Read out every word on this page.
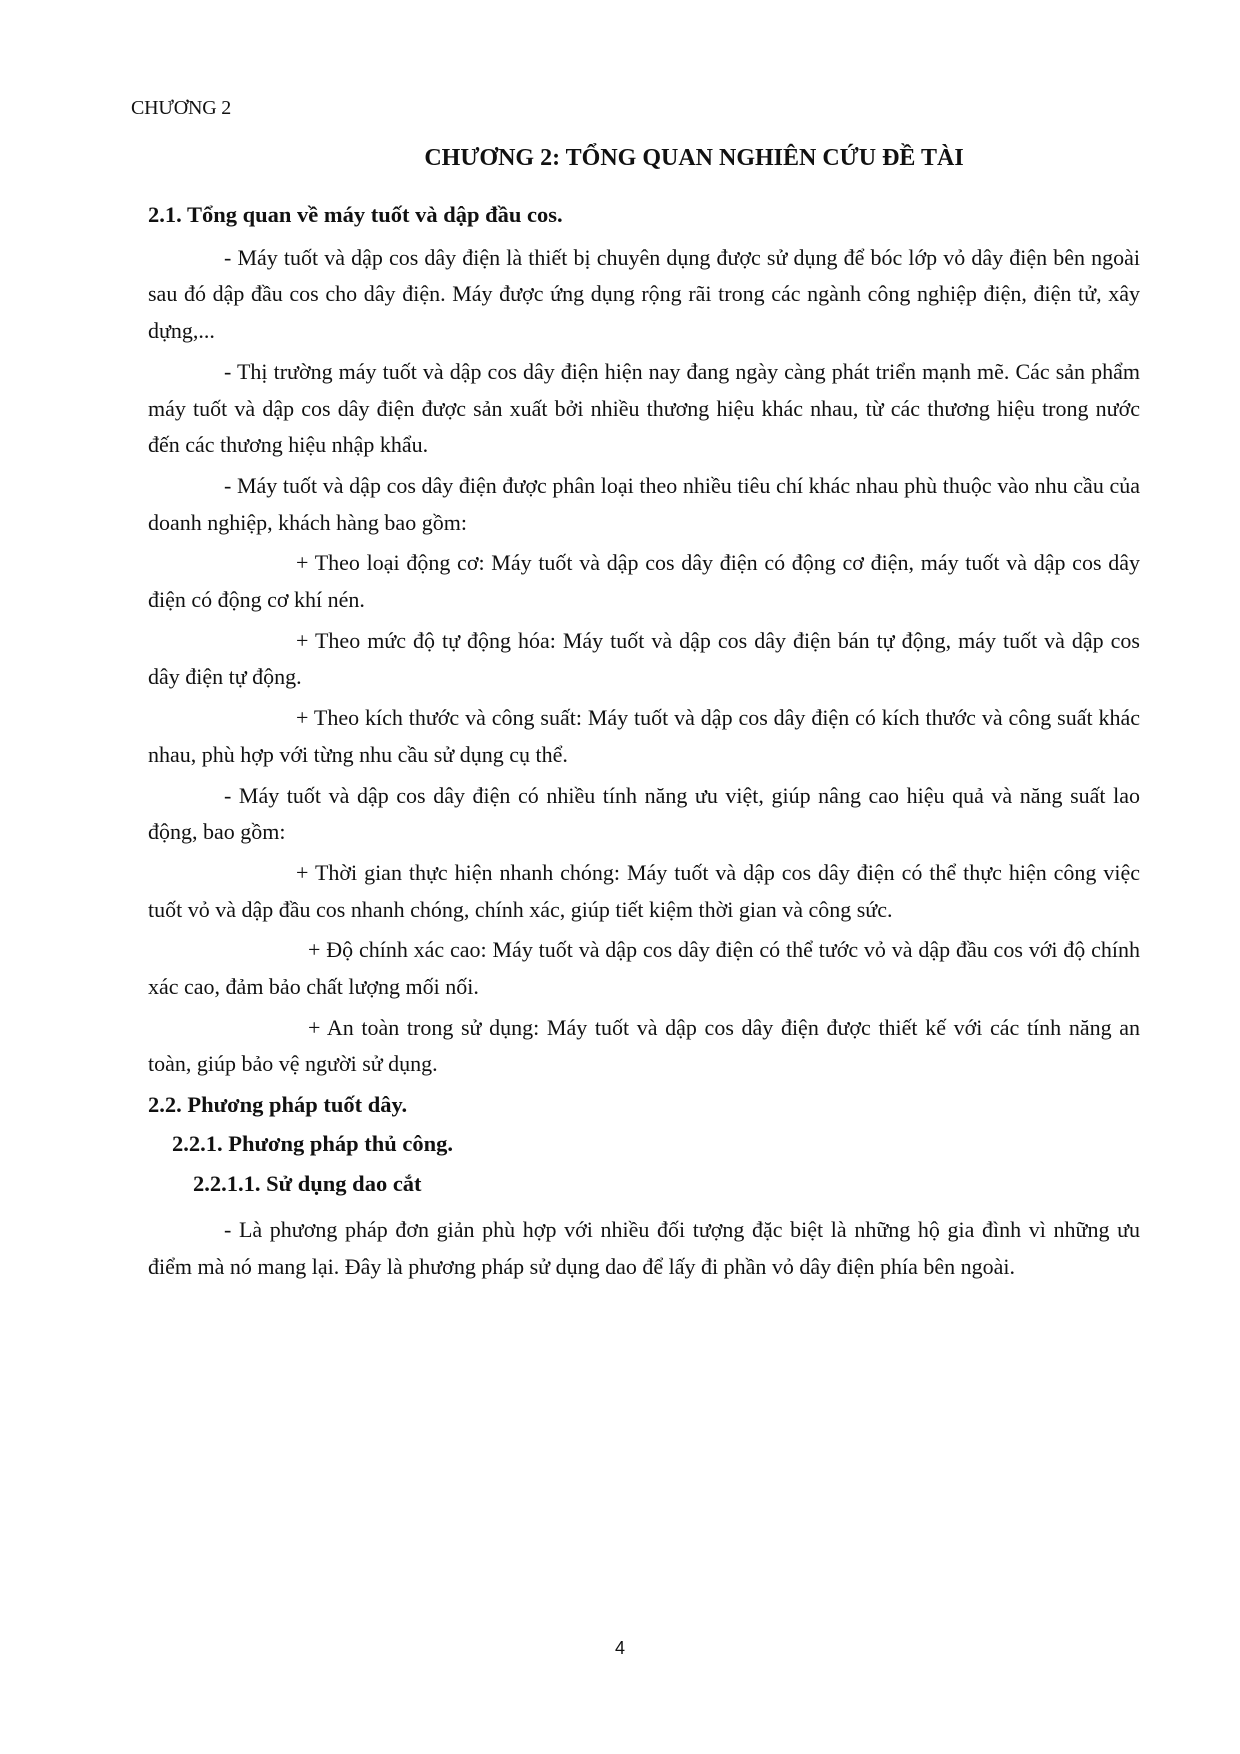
CHƯƠNG 2
CHƯƠNG 2: TỔNG QUAN NGHIÊN CỨU ĐỀ TÀI
2.1. Tổng quan về máy tuốt và dập đầu cos.

- Máy tuốt và dập cos dây điện là thiết bị chuyên dụng được sử dụng để bóc lớp vỏ dây điện bên ngoài sau đó dập đầu cos cho dây điện. Máy được ứng dụng rộng rãi trong các ngành công nghiệp điện, điện tử, xây dựng,...

- Thị trường máy tuốt và dập cos dây điện hiện nay đang ngày càng phát triển mạnh mẽ. Các sản phẩm máy tuốt và dập cos dây điện được sản xuất bởi nhiều thương hiệu khác nhau, từ các thương hiệu trong nước đến các thương hiệu nhập khẩu.

- Máy tuốt và dập cos dây điện được phân loại theo nhiều tiêu chí khác nhau phù thuộc vào nhu cầu của doanh nghiệp, khách hàng bao gồm:

+ Theo loại động cơ: Máy tuốt và dập cos dây điện có động cơ điện, máy tuốt và dập cos dây điện có động cơ khí nén.

+ Theo mức độ tự động hóa: Máy tuốt và dập cos dây điện bán tự động, máy tuốt và dập cos dây điện tự động.

+ Theo kích thước và công suất: Máy tuốt và dập cos dây điện có kích thước và công suất khác nhau, phù hợp với từng nhu cầu sử dụng cụ thể.

- Máy tuốt và dập cos dây điện có nhiều tính năng ưu việt, giúp nâng cao hiệu quả và năng suất lao động, bao gồm:

+ Thời gian thực hiện nhanh chóng: Máy tuốt và dập cos dây điện có thể thực hiện công việc tuốt vỏ và dập đầu cos nhanh chóng, chính xác, giúp tiết kiệm thời gian và công sức.

+ Độ chính xác cao: Máy tuốt và dập cos dây điện có thể tước vỏ và dập đầu cos với độ chính xác cao, đảm bảo chất lượng mối nối.

+ An toàn trong sử dụng: Máy tuốt và dập cos dây điện được thiết kế với các tính năng an toàn, giúp bảo vệ người sử dụng.

2.2. Phương pháp tuốt dây.
2.2.1. Phương pháp thủ công.
2.2.1.1. Sử dụng dao cắt

- Là phương pháp đơn giản phù hợp với nhiều đối tượng đặc biệt là những hộ gia đình vì những ưu điểm mà nó mang lại. Đây là phương pháp sử dụng dao để lấy đi phần vỏ dây điện phía bên ngoài.

4
